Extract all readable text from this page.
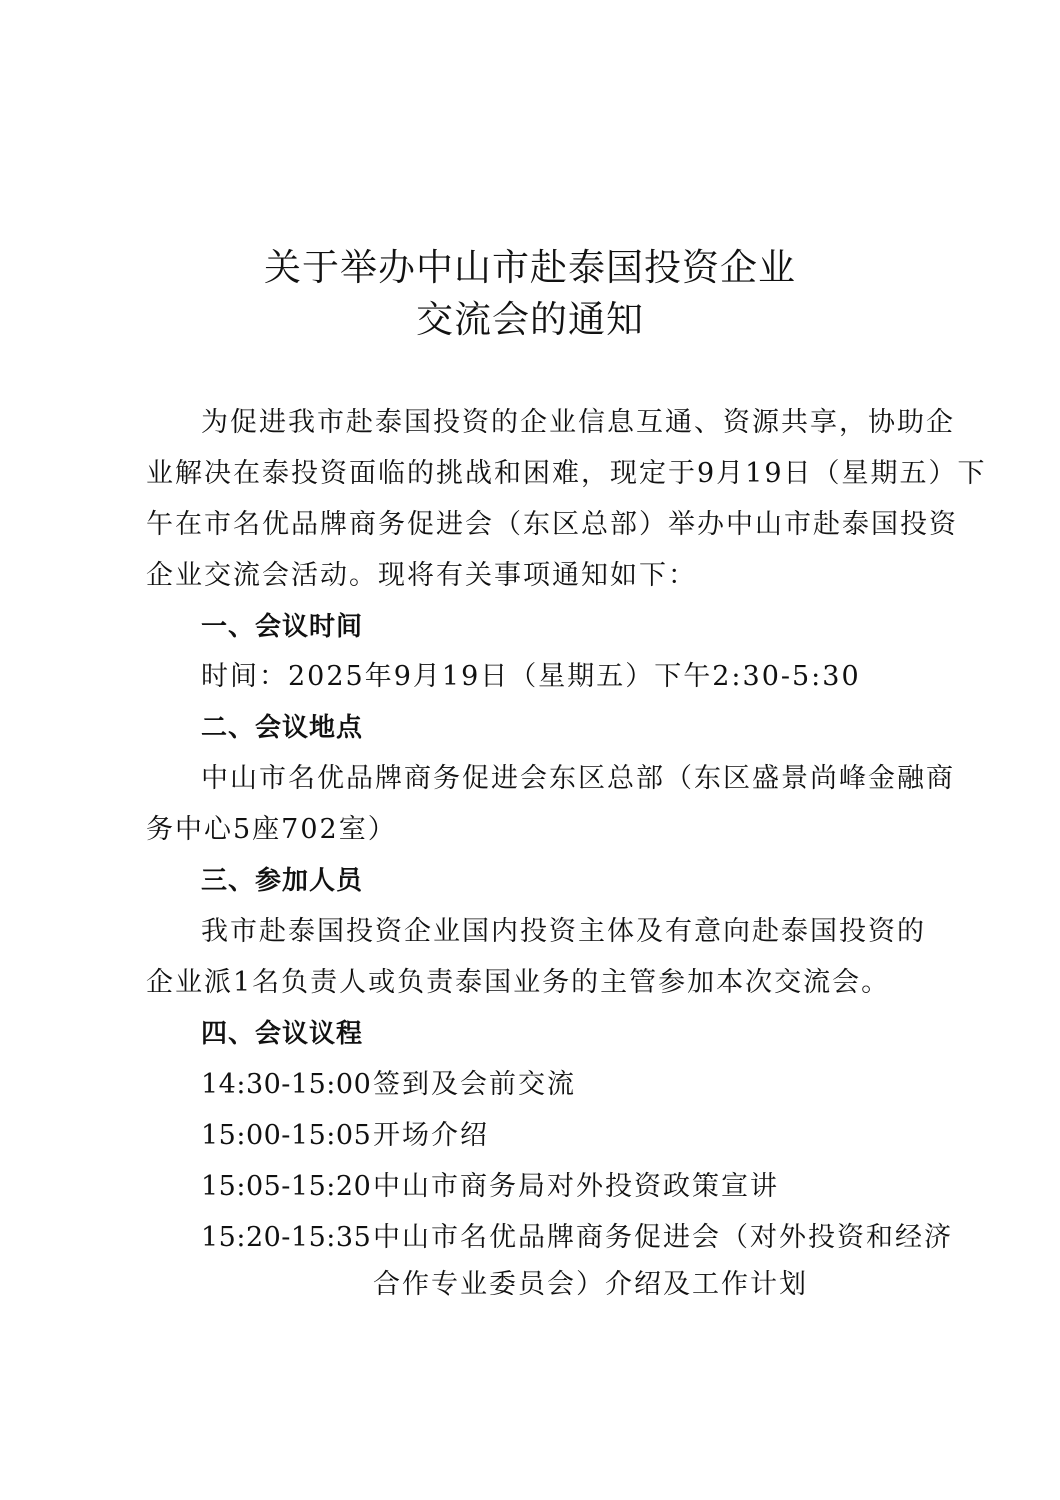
关于举办中山市赴泰国投资企业
交流会的通知
为促进我市赴泰国投资的企业信息互通、资源共享，协助企
业解决在泰投资面临的挑战和困难，现定于9月19日（星期五）下
午在市名优品牌商务促进会（东区总部）举办中山市赴泰国投资
企业交流会活动。现将有关事项通知如下：
一、会议时间
时间：2025年9月19日（星期五）下午2:30-5:30
二、会议地点
中山市名优品牌商务促进会东区总部（东区盛景尚峰金融商
务中心5座702室）
三、参加人员
我市赴泰国投资企业国内投资主体及有意向赴泰国投资的
企业派1名负责人或负责泰国业务的主管参加本次交流会。
四、会议议程
14:30-15:00签到及会前交流
15:00-15:05开场介绍
15:05-15:20中山市商务局对外投资政策宣讲
15:20-15:35中山市名优品牌商务促进会（对外投资和经济
合作专业委员会）介绍及工作计划
